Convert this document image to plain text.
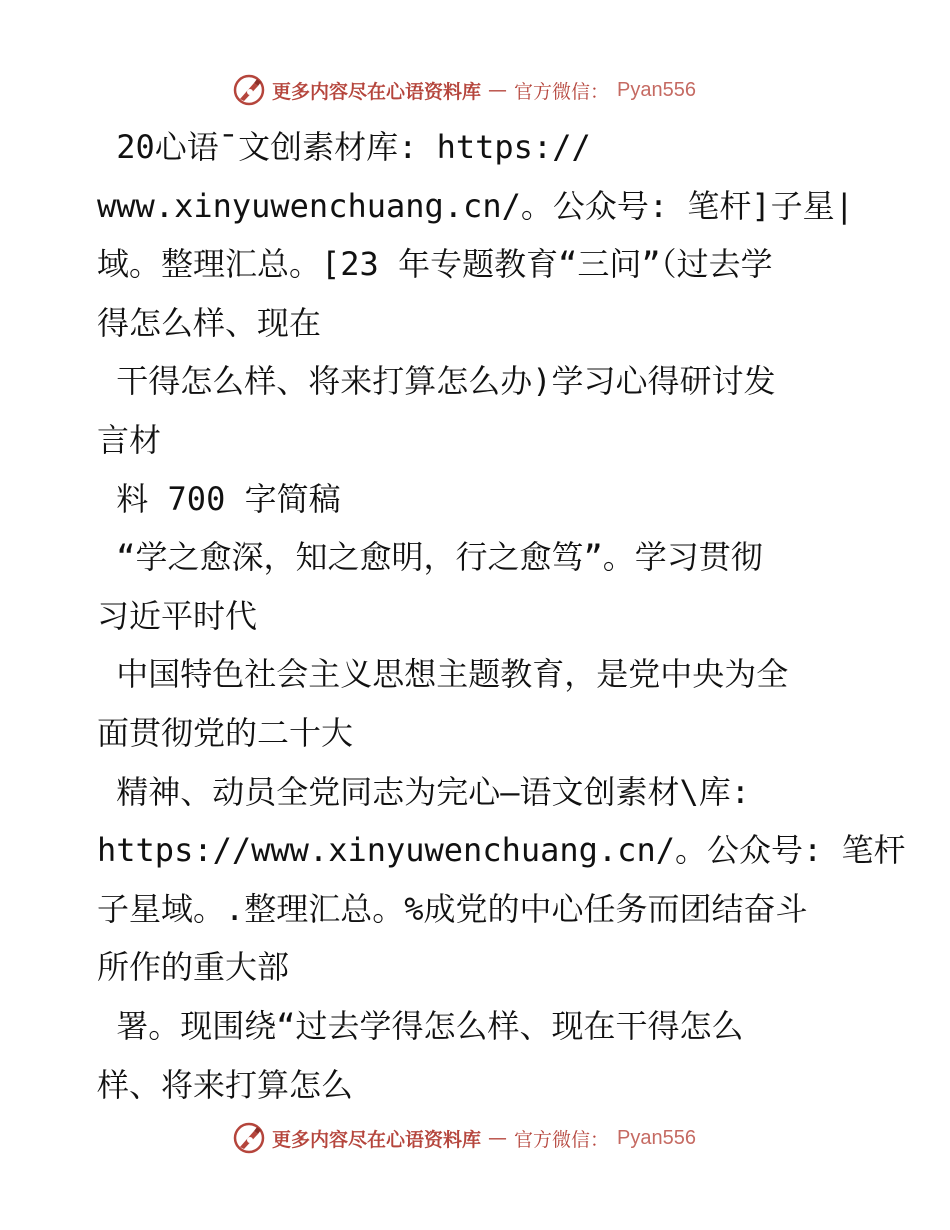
更多内容尽在心语资料库 — 官方微信： Pyan556
20心语¯文创素材库: https://
www.xinyuwenchuang.cn/。公众号: 笔杆]子星|
域。整理汇总。[23 年专题教育“三问”（过去学
得怎么样、现在
干得怎么样、将来打算怎么办)学习心得研讨发
言材
料 700 字简稿
“学之愈深，知之愈明，行之愈笃”。学习贯彻
习近平时代
中国特色社会主义思想主题教育，是党中央为全
面贯彻党的二十大
精神、动员全党同志为完心—语文创素材\库:
https://www.xinyuwenchuang.cn/。公众号: 笔杆
子星域。.整理汇总。%成党的中心任务而团结奋斗
所作的重大部
署。现围绕“过去学得怎么样、现在干得怎么
样、将来打算怎么
更多内容尽在心语资料库 — 官方微信： Pyan556
